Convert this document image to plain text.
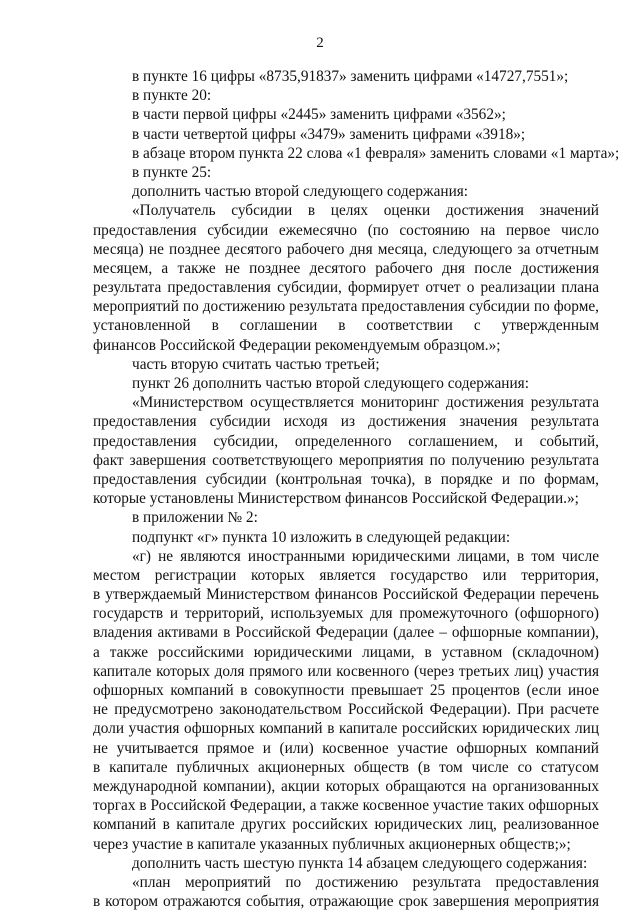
2
в пункте 16 цифры «8735,91837» заменить цифрами «14727,7551»;
в пункте 20:
в части первой цифры «2445» заменить цифрами «3562»;
в части четвертой цифры «3479» заменить цифрами «3918»;
в абзаце втором пункта 22 слова «1 февраля» заменить словами «1 марта»;
в пункте 25:
дополнить частью второй следующего содержания:
«Получатель субсидии в целях оценки достижения значений
предоставления субсидии ежемесячно (по состоянию на первое число
месяца) не позднее десятого рабочего дня месяца, следующего за отчетным
месяцем, а также не позднее десятого рабочего дня после достижения
результата предоставления субсидии, формирует отчет о реализации плана
мероприятий по достижению результата предоставления субсидии по форме,
установленной в соглашении в соответствии с утвержденным
финансов Российской Федерации рекомендуемым образцом.»;
часть вторую считать частью третьей;
пункт 26 дополнить частью второй следующего содержания:
«Министерством осуществляется мониторинг достижения результата
предоставления субсидии исходя из достижения значения результата
предоставления субсидии, определенного соглашением, и событий,
факт завершения соответствующего мероприятия по получению результата
предоставления субсидии (контрольная точка), в порядке и по формам,
которые установлены Министерством финансов Российской Федерации.»;
в приложении № 2:
подпункт «г» пункта 10 изложить в следующей редакции:
«г) не являются иностранными юридическими лицами, в том числе
местом регистрации которых является государство или территория,
в утверждаемый Министерством финансов Российской Федерации перечень
государств и территорий, используемых для промежуточного (офшорного)
владения активами в Российской Федерации (далее – офшорные компании),
а также российскими юридическими лицами, в уставном (складочном)
капитале которых доля прямого или косвенного (через третьих лиц) участия
офшорных компаний в совокупности превышает 25 процентов (если иное
не предусмотрено законодательством Российской Федерации). При расчете
доли участия офшорных компаний в капитале российских юридических лиц
не учитывается прямое и (или) косвенное участие офшорных компаний
в капитале публичных акционерных обществ (в том числе со статусом
международной компании), акции которых обращаются на организованных
торгах в Российской Федерации, а также косвенное участие таких офшорных
компаний в капитале других российских юридических лиц, реализованное
через участие в капитале указанных публичных акционерных обществ;»;
дополнить часть шестую пункта 14 абзацем следующего содержания:
«план мероприятий по достижению результата предоставления
в котором отражаются события, отражающие срок завершения мероприятия
